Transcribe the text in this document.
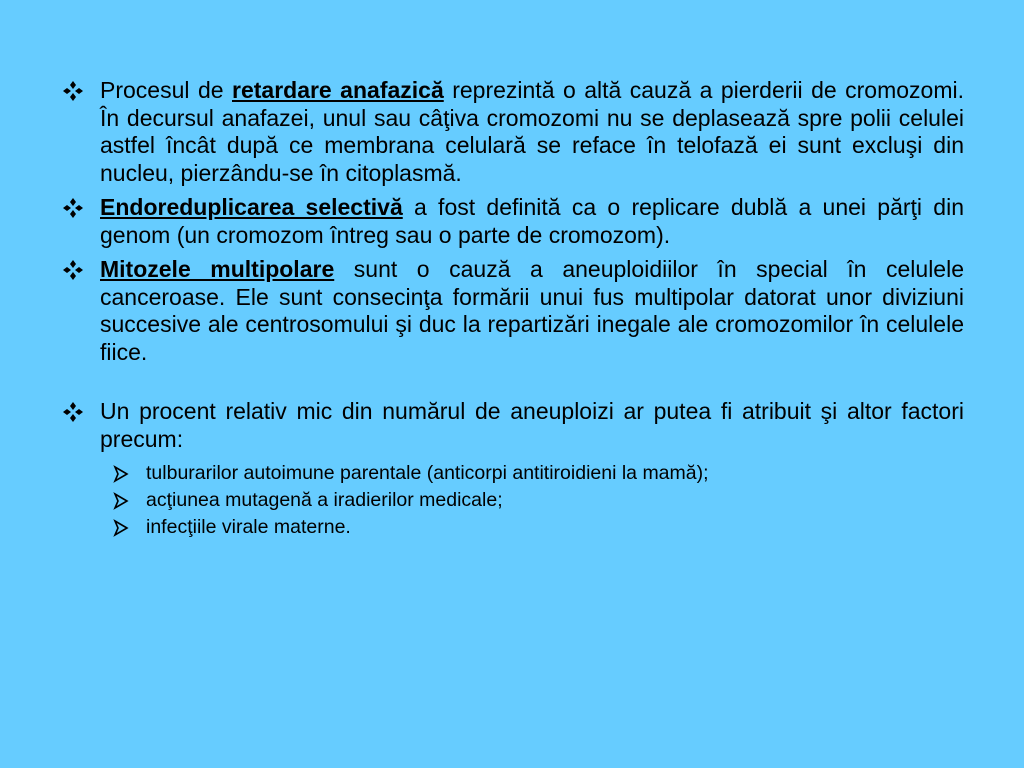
Procesul de retardare anafazică reprezintă o altă cauză a pierderii de cromozomi. În decursul anafazei, unul sau câţiva cromozomi nu se deplasează spre polii celulei astfel încât după ce membrana celulară se reface în telofază ei sunt excluşi din nucleu, pierzându-se în citoplasmă.

Endoreduplicarea selectivă a fost definită ca o replicare dublă a unei părţi din genom (un cromozom întreg sau o parte de cromozom).

Mitozele multipolare sunt o cauză a aneuploidiilor în special în celulele canceroase. Ele sunt consecinţa formării unui fus multipolar datorat unor diviziuni succesive ale centrosomului şi duc la repartizări inegale ale cromozomilor în celulele fiice.

Un procent relativ mic din numărul de aneuploizi ar putea fi atribuit şi altor factori precum:

tulburarilor autoimune parentale (anticorpi antitiroidieni la mamă);

acţiunea mutagenă a iradierilor medicale;

infecţiile virale materne.
